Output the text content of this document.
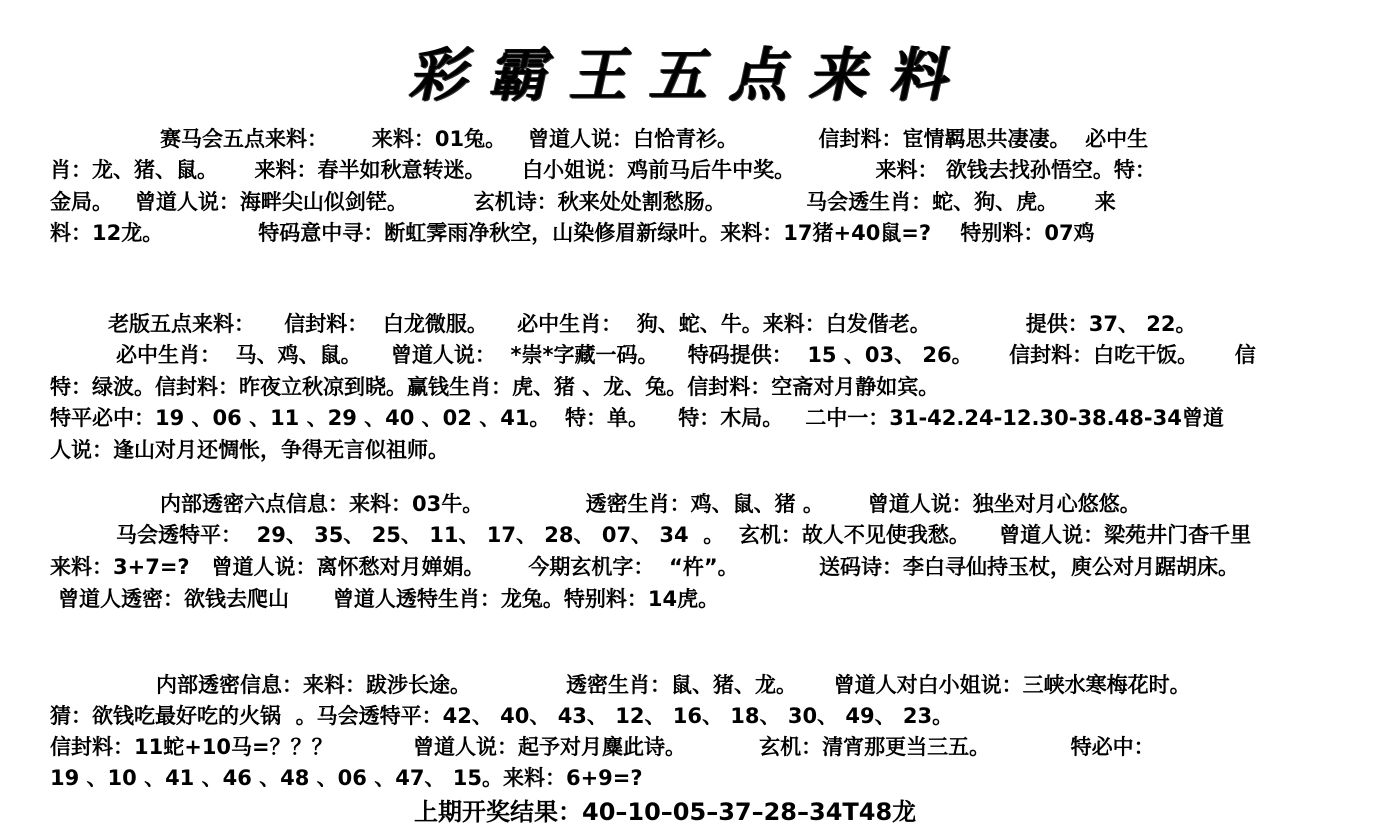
彩霸王五点来料
赛马会五点来料：      来料：01兔。   曾道人说：白恰青衫。           信封料：宦情羁思共凄凄。  必中生
肖：龙、猪、鼠。     来料：春半如秋意转迷。     白小姐说：鸡前马后牛中奖。           来料： 欲钱去找孙悟空。特：
金局。   曾道人说：海畔尖山似剑铓。         玄机诗：秋来处处割愁肠。           马会透生肖：蛇、狗、虎。     来
料：12龙。             特码意中寻：断虹霁雨净秋空，山染修眉新绿叶。来料：17猪+40鼠=?    特别料：07鸡
老版五点来料：    信封料：  白龙微服。    必中生肖：  狗、蛇、牛。来料：白发偕老。             提供：37、 22。
必中生肖：  马、鸡、鼠。    曾道人说：  *崇*字藏一码。    特码提供：  15 、03、 26。     信封料：白吃干饭。     信
特：绿波。信封料：昨夜立秋凉到晓。赢钱生肖：虎、猪 、龙、兔。信封料：空斋对月静如宾。
特平必中：19 、06 、11 、29 、40 、02 、41。  特：单。    特：木局。   二中一：31-42.24-12.30-38.48-34曾道
人说：逢山对月还惆怅，争得无言似祖师。
内部透密六点信息：来料：03牛。              透密生肖：鸡、鼠、猪 。      曾道人说：独坐对月心悠悠。
马会透特平：  29、 35、 25、 11、 17、 28、 07、 34  。  玄机：故人不见使我愁。    曾道人说：梁苑井门杳千里
来料：3+7=?   曾道人说：离怀愁对月婵娟。      今期玄机字：  “杵”。           送码诗：李白寻仙持玉杖，庾公对月踞胡床。
曾道人透密：欲钱去爬山      曾道人透特生肖：龙兔。特别料：14虎。
内部透密信息：来料：跋涉长途。             透密生肖：鼠、猪、龙。     曾道人对白小姐说：三峡水寒梅花时。
猜：欲钱吃最好吃的火锅  。马会透特平：42、 40、 43、 12、 16、 18、 30、 49、 23。
信封料：11蛇+10马=？？？           曾道人说：起予对月麋此诗。          玄机：清宵那更当三五。           特必中：
19 、10 、41 、46 、48 、06 、47、 15。来料：6+9=?
上期开奖结果：40–10–05–37–28–34T48龙
